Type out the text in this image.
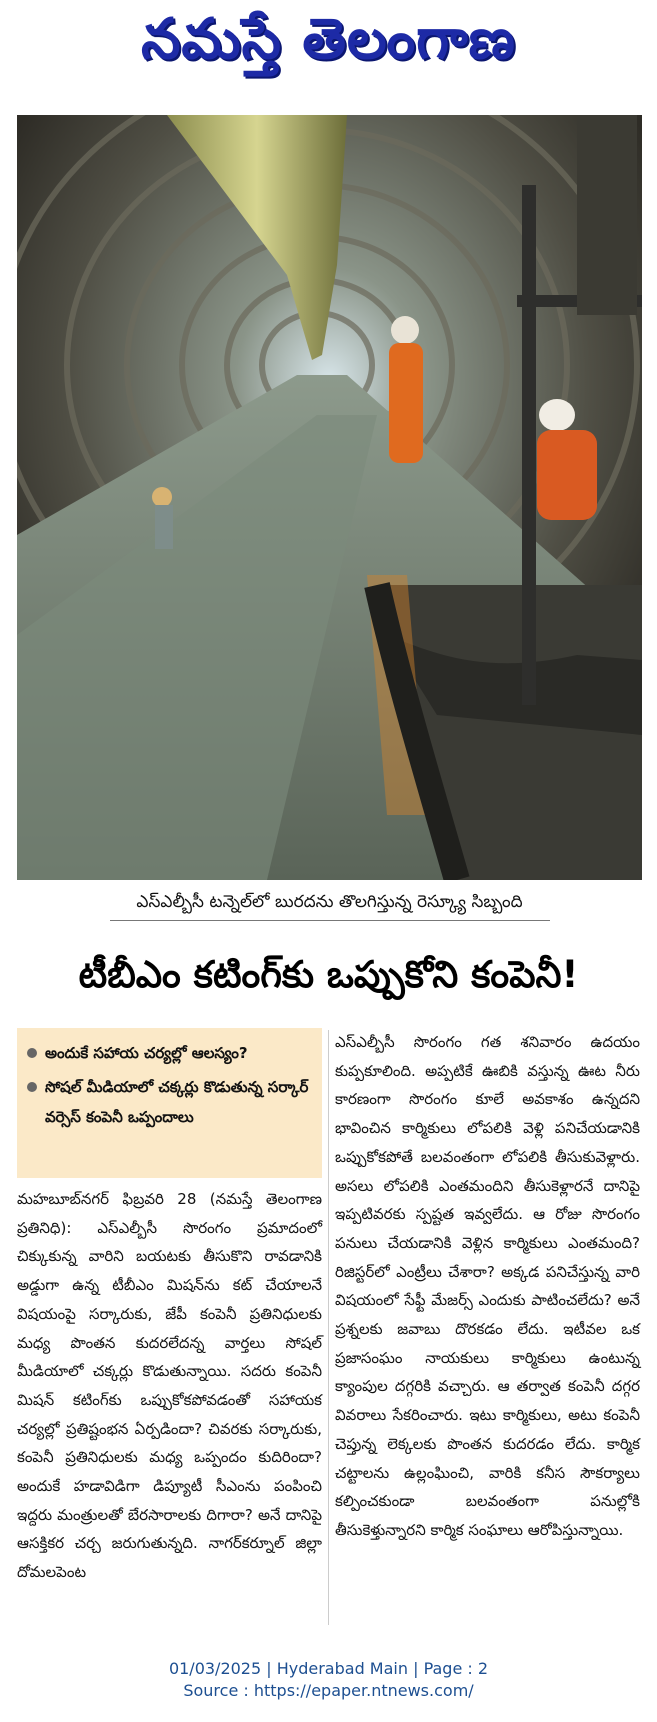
నమస్తే తెలంగాణ
ఎస్ఎల్బీసీ టన్నెల్‌లో బురదను తొలగిస్తున్న రెస్క్యూ సిబ్బంది
టీబీఎం కటింగ్‌కు ఒప్పుకోని కంపెనీ!
అందుకే సహాయ చర్యల్లో ఆలస్యం?
సోషల్ మీడియాలో చక్కర్లు కొడుతున్న సర్కార్ వర్సెస్ కంపెనీ ఒప్పందాలు
మహబూబ్‌నగర్ ఫిబ్రవరి 28 (నమస్తే తెలంగాణ ప్రతినిధి): ఎస్ఎల్బీసీ సొరంగం ప్రమాదంలో చిక్కుకున్న వారిని బయటకు తీసుకొని రావడానికి అడ్డుగా ఉన్న టీబీఎం మిషన్‌ను కట్ చేయాలనే విషయంపై సర్కారుకు, జేపీ కంపెనీ ప్రతినిధులకు మధ్య పొంతన కుదరలేదన్న వార్తలు సోషల్ మీడియాలో చక్కర్లు కొడుతున్నాయి. సదరు కంపెనీ మిషన్ కటింగ్‌కు ఒప్పుకోకపోవడంతో సహాయక చర్యల్లో ప్రతిష్టంభన ఏర్పడిందా? చివరకు సర్కారుకు, కంపెనీ ప్రతినిధులకు మధ్య ఒప్పందం కుదిరిందా? అందుకే హడావిడిగా డిప్యూటీ సీఎంను పంపించి ఇద్దరు మంత్రులతో బేరసారాలకు దిగారా? అనే దానిపై ఆసక్తికర చర్చ జరుగుతున్నది. నాగర్‌కర్నూల్ జిల్లా దోమలపెంట
ఎస్ఎల్బీసీ సొరంగం గత శనివారం ఉదయం కుప్పకూలింది. అప్పటికే ఊబికి వస్తున్న ఊట నీరు కారణంగా సొరంగం కూలే అవకాశం ఉన్నదని భావించిన కార్మికులు లోపలికి వెళ్లి పనిచేయడానికి ఒప్పుకోకపోతే బలవంతంగా లోపలికి తీసుకువెళ్లారు. అసలు లోపలికి ఎంతమందిని తీసుకెళ్లారనే దానిపై ఇప్పటివరకు స్పష్టత ఇవ్వలేదు. ఆ రోజు సొరంగం పనులు చేయడానికి వెళ్లిన కార్మికులు ఎంతమంది? రిజిస్టర్‌లో ఎంట్రీలు చేశారా? అక్కడ పనిచేస్తున్న వారి విషయంలో సేఫ్టీ మేజర్స్ ఎందుకు పాటించలేదు? అనే ప్రశ్నలకు జవాబు దొరకడం లేదు. ఇటీవల ఒక ప్రజాసంఘం నాయకులు కార్మికులు ఉంటున్న క్యాంపుల దగ్గరికి వచ్చారు. ఆ తర్వాత కంపెనీ దగ్గర వివరాలు సేకరించారు. ఇటు కార్మికులు, అటు కంపెనీ చెప్తున్న లెక్కలకు పొంతన కుదరడం లేదు. కార్మిక చట్టాలను ఉల్లంఘించి, వారికి కనీస సౌకర్యాలు కల్పించకుండా బలవంతంగా పనుల్లోకి తీసుకెళ్తున్నారని కార్మిక సంఘాలు ఆరోపిస్తున్నాయి.
01/03/2025 | Hyderabad Main | Page : 2
Source : https://epaper.ntnews.com/
